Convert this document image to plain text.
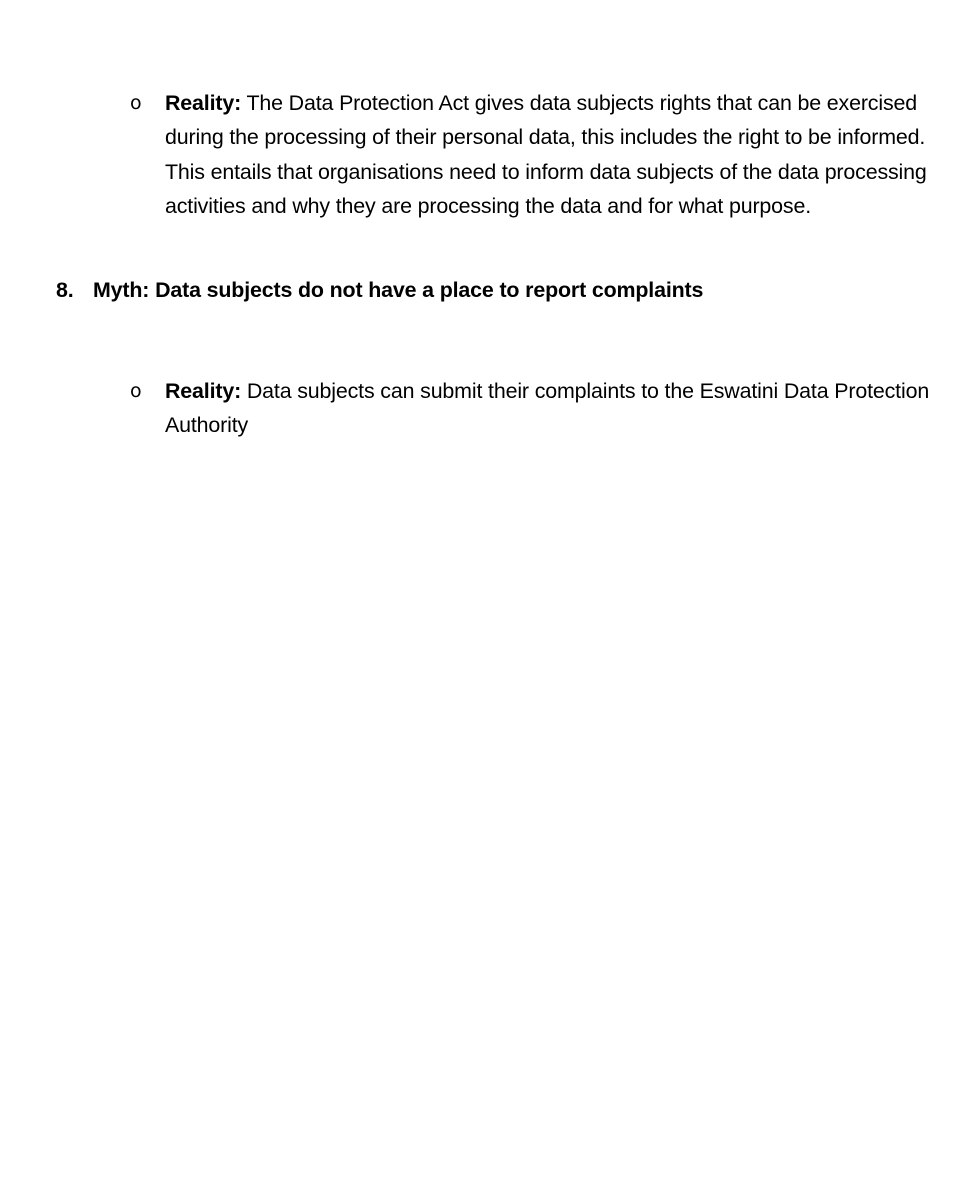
o	Reality: The Data Protection Act gives data subjects rights that can be exercised during the processing of their personal data, this includes the right to be informed. This entails that organisations need to inform data subjects of the data processing activities and why they are processing the data and for what purpose.
8. Myth: Data subjects do not have a place to report complaints
o	Reality: Data subjects can submit their complaints to the Eswatini Data Protection Authority
